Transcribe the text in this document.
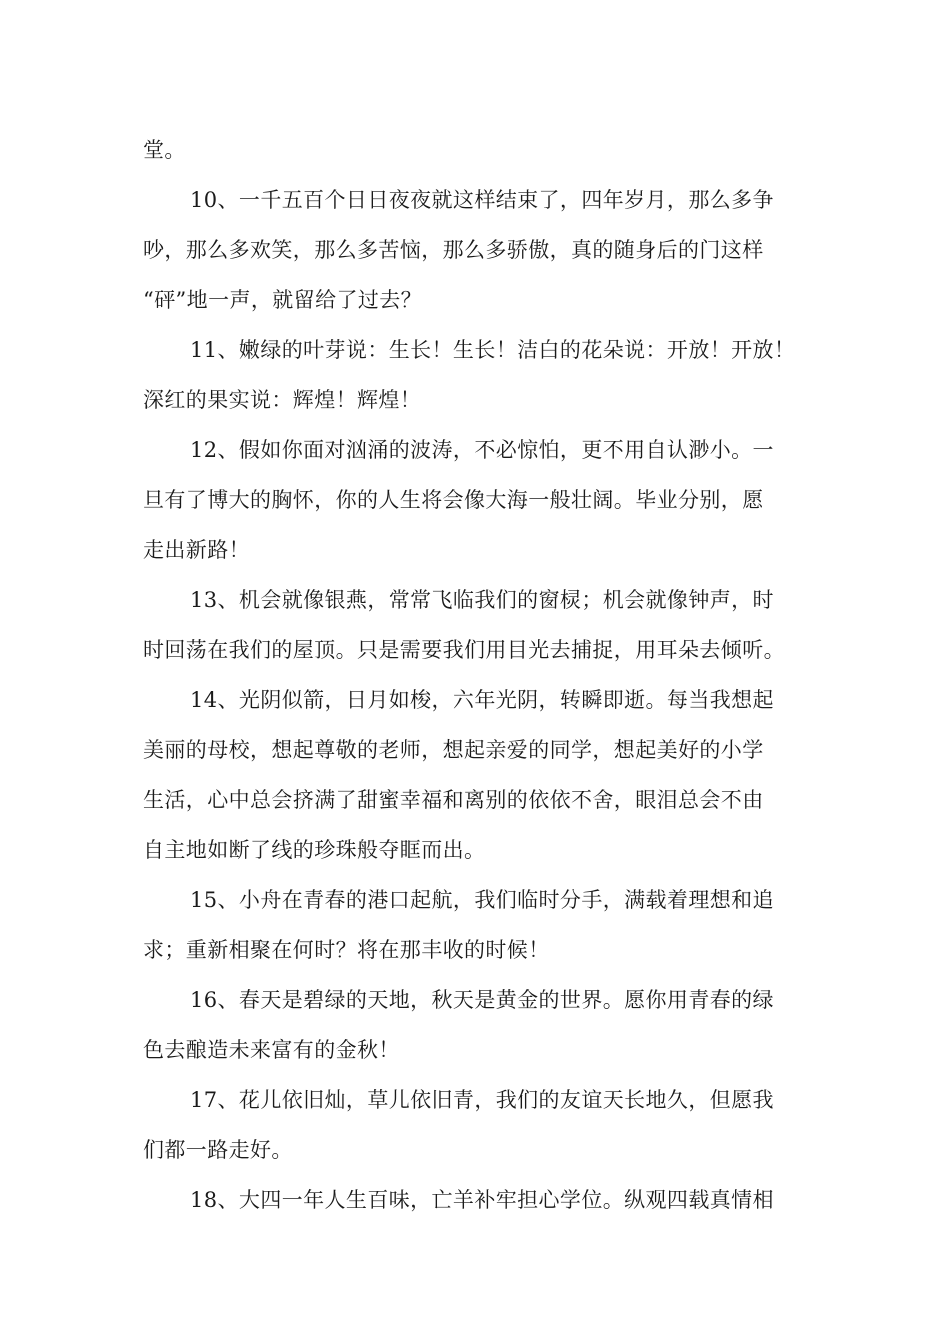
堂。
10、一千五百个日日夜夜就这样结束了，四年岁月，那么多争
吵，那么多欢笑，那么多苦恼，那么多骄傲，真的随身后的门这样
“砰”地一声，就留给了过去？
11、嫩绿的叶芽说：生长！生长！洁白的花朵说：开放！开放！
深红的果实说：辉煌！辉煌！
12、假如你面对汹涌的波涛，不必惊怕，更不用自认渺小。一
旦有了博大的胸怀，你的人生将会像大海一般壮阔。毕业分别，愿
走出新路！
13、机会就像银燕，常常飞临我们的窗棂；机会就像钟声，时
时回荡在我们的屋顶。只是需要我们用目光去捕捉，用耳朵去倾听。
14、光阴似箭，日月如梭，六年光阴，转瞬即逝。每当我想起
美丽的母校，想起尊敬的老师，想起亲爱的同学，想起美好的小学
生活，心中总会挤满了甜蜜幸福和离别的依依不舍，眼泪总会不由
自主地如断了线的珍珠般夺眶而出。
15、小舟在青春的港口起航，我们临时分手，满载着理想和追
求；重新相聚在何时？将在那丰收的时候！
16、春天是碧绿的天地，秋天是黄金的世界。愿你用青春的绿
色去酿造未来富有的金秋！
17、花儿依旧灿，草儿依旧青，我们的友谊天长地久，但愿我
们都一路走好。
18、大四一年人生百味，亡羊补牢担心学位。纵观四载真情相
